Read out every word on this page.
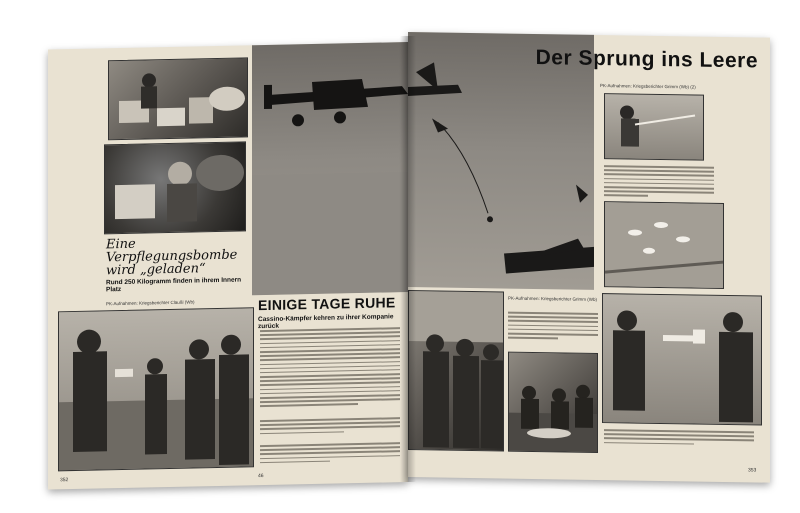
Eine Verpflegungsbombe wird „geladen“
Rund 250 Kilogramm finden in ihrem Innern Platz
PK-Aufnahmen: Kriegsberichter Claußl (Wb)	EINIGE TAGE RUHE
Cassino-Kämpfer kehren zu ihrer Kompanie zurück
352
46
Der Sprung ins Leere
PK-Aufnahmen: Kriegsberichter Grimm (Wb) (2)
PK-Aufnahmen: Kriegsberichter Grimm (Wb)
353
